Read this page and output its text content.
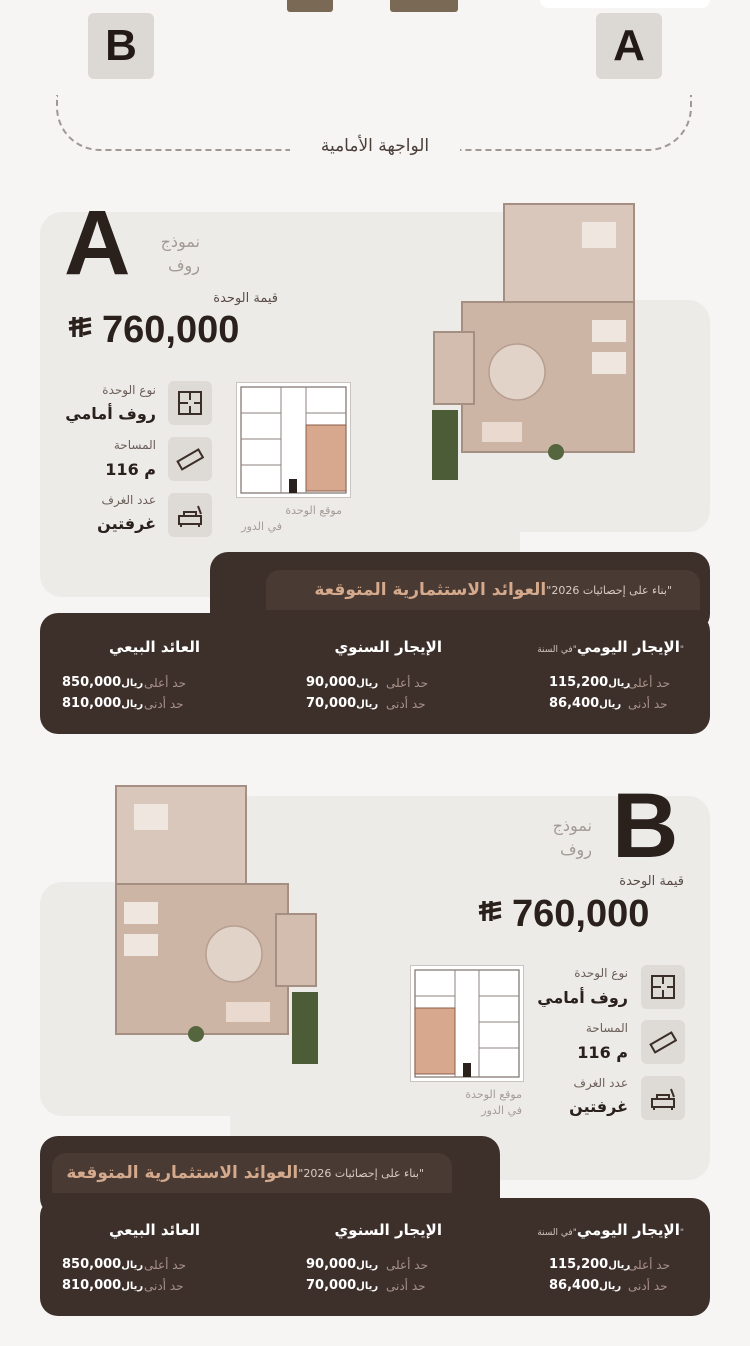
B	A
الواجهة الأمامية
A	نموذج
روف
قيمة الوحدة
760,000
نوع الوحدة
روف أمامي
المساحة
116 م
عدد الغرف
غرفتين
موقع الوحدة
في الدور
العوائد الاستثمارية المتوقعة "بناء على إحصائيات 2026"
الإيجار اليومي"في السنة"
حد أعلى
ريال115,200
حد أدنى
ريال86,400
الإيجار السنوي
حد أعلى
ريال90,000
حد أدنى
ريال70,000
العائد البيعي
حد أعلى
ريال850,000
حد أدنى
ريال810,000
B
نموذج
روف
قيمة الوحدة
760,000
نوع الوحدة
روف أمامي
المساحة
116 م
عدد الغرف
غرفتين
موقع الوحدة
في الدور
العوائد الاستثمارية المتوقعة "بناء على إحصائيات 2026"
الإيجار اليومي"في السنة"
حد أعلى
ريال115,200
حد أدنى
ريال86,400
الإيجار السنوي
حد أعلى
ريال90,000
حد أدنى
ريال70,000
العائد البيعي
حد أعلى
ريال850,000
حد أدنى
ريال810,000
